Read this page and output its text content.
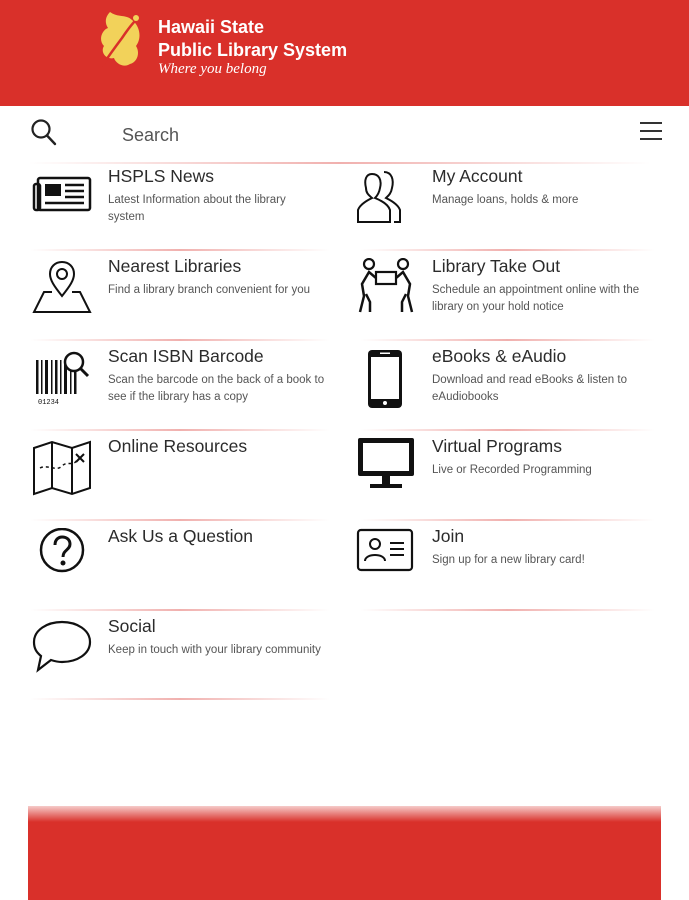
Hawaii State
Public Library System
Where you belong
Search
HSPLS News
Latest Information about the library system
My Account
Manage loans, holds & more
Nearest Libraries
Find a library branch convenient for you
Library Take Out
Schedule an appointment online with the library on your hold notice
01234
Scan ISBN Barcode
Scan the barcode on the back of a book to see if the library has a copy
eBooks & eAudio
Download and read eBooks & listen to eAudiobooks
Online Resources	Virtual Programs
Live or Recorded Programming
Ask Us a Question	Join
Sign up for a new library card!
Social
Keep in touch with your library community
